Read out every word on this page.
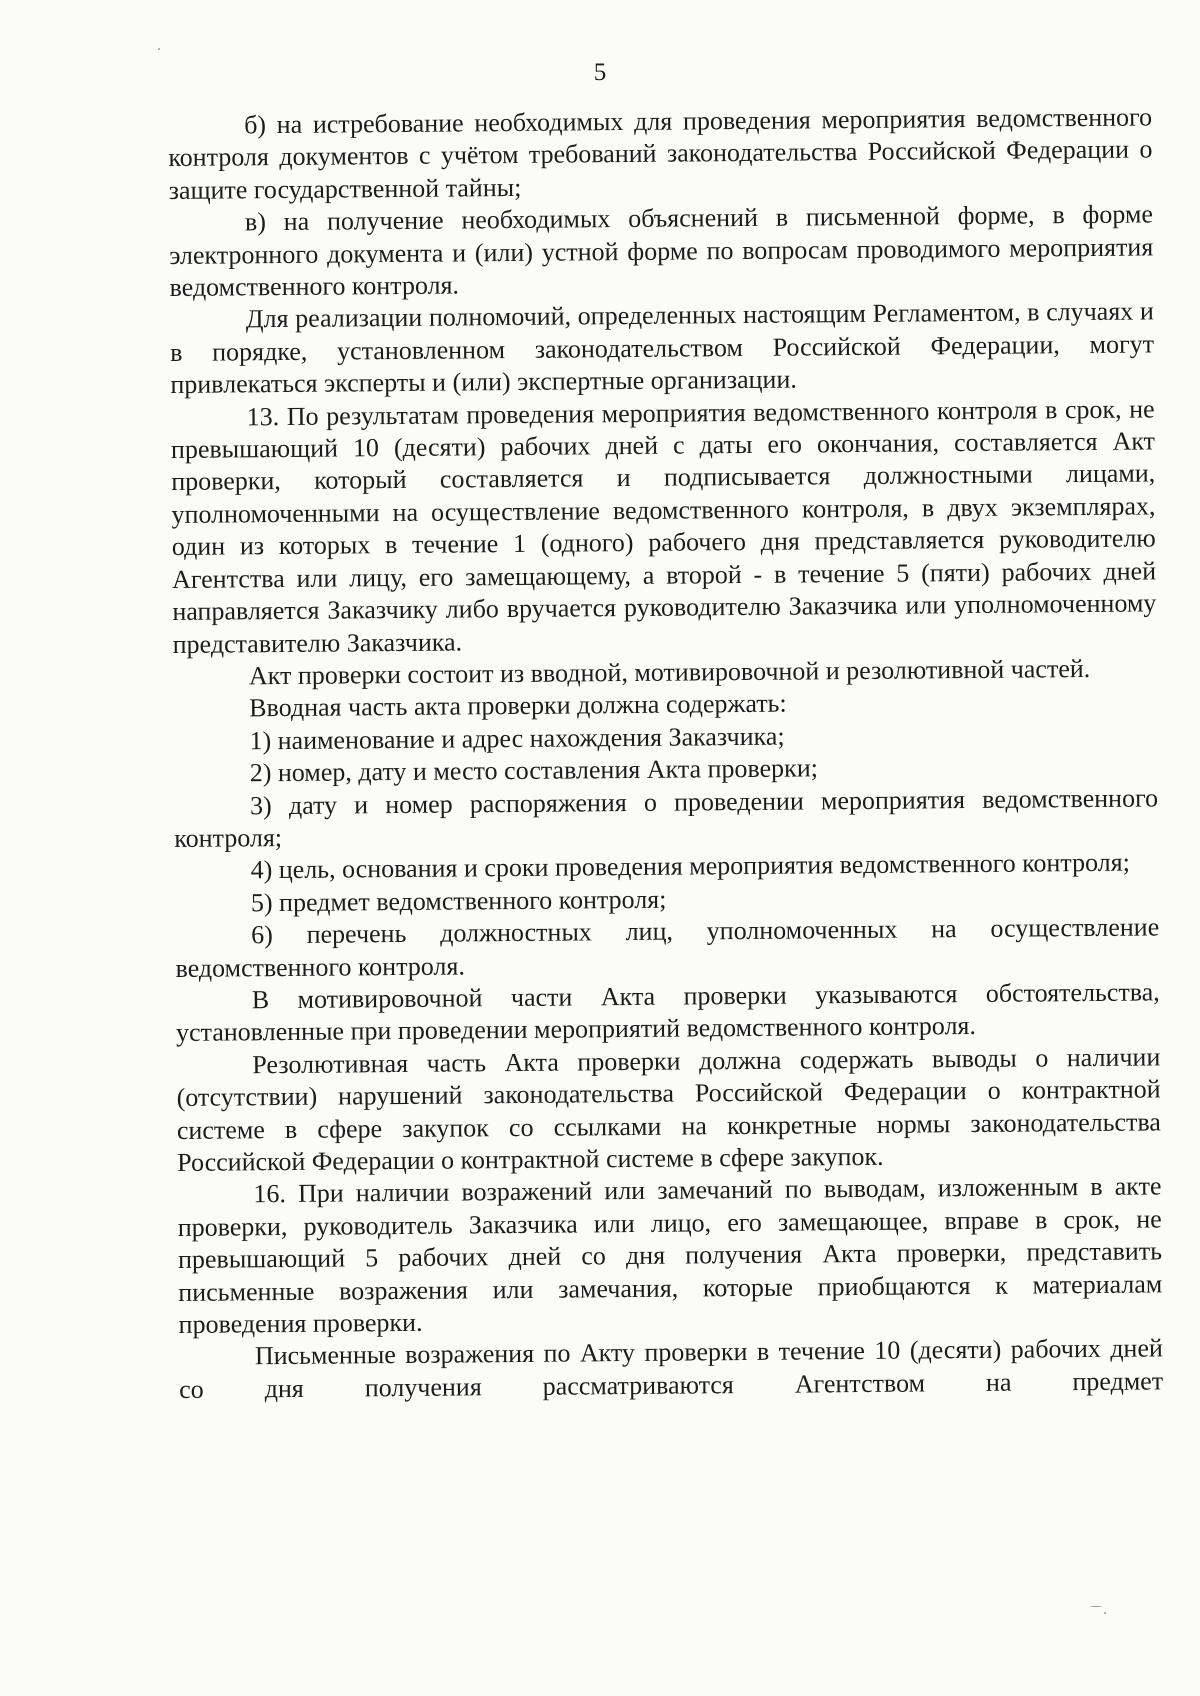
5

б) на истребование необходимых для проведения мероприятия ведомственного контроля документов с учётом требований законодательства Российской Федерации о защите государственной тайны;

в) на получение необходимых объяснений в письменной форме, в форме электронного документа и (или) устной форме по вопросам проводимого мероприятия ведомственного контроля.

Для реализации полномочий, определенных настоящим Регламентом, в случаях и в порядке, установленном законодательством Российской Федерации, могут привлекаться эксперты и (или) экспертные организации.

13. По результатам проведения мероприятия ведомственного контроля в срок, не превышающий 10 (десяти) рабочих дней с даты его окончания, составляется Акт проверки, который составляется и подписывается должностными лицами, уполномоченными на осуществление ведомственного контроля, в двух экземплярах, один из которых в течение 1 (одного) рабочего дня представляется руководителю Агентства или лицу, его замещающему, а второй - в течение 5 (пяти) рабочих дней направляется Заказчику либо вручается руководителю Заказчика или уполномоченному представителю Заказчика.

Акт проверки состоит из вводной, мотивировочной и резолютивной частей.

Вводная часть акта проверки должна содержать:

1) наименование и адрес нахождения Заказчика;

2) номер, дату и место составления Акта проверки;

3) дату и номер распоряжения о проведении мероприятия ведомственного контроля;

4) цель, основания и сроки проведения мероприятия ведомственного контроля;

5) предмет ведомственного контроля;

6) перечень должностных лиц, уполномоченных на осуществление ведомственного контроля.

В мотивировочной части Акта проверки указываются обстоятельства, установленные при проведении мероприятий ведомственного контроля.

Резолютивная часть Акта проверки должна содержать выводы о наличии (отсутствии) нарушений законодательства Российской Федерации о контрактной системе в сфере закупок со ссылками на конкретные нормы законодательства Российской Федерации о контрактной системе в сфере закупок.

16. При наличии возражений или замечаний по выводам, изложенным в акте проверки, руководитель Заказчика или лицо, его замещающее, вправе в срок, не превышающий 5 рабочих дней со дня получения Акта проверки, представить письменные возражения или замечания, которые приобщаются к материалам проведения проверки.

Письменные возражения по Акту проверки в течение 10 (десяти) рабочих дней со дня получения рассматриваются Агентством на предмет
